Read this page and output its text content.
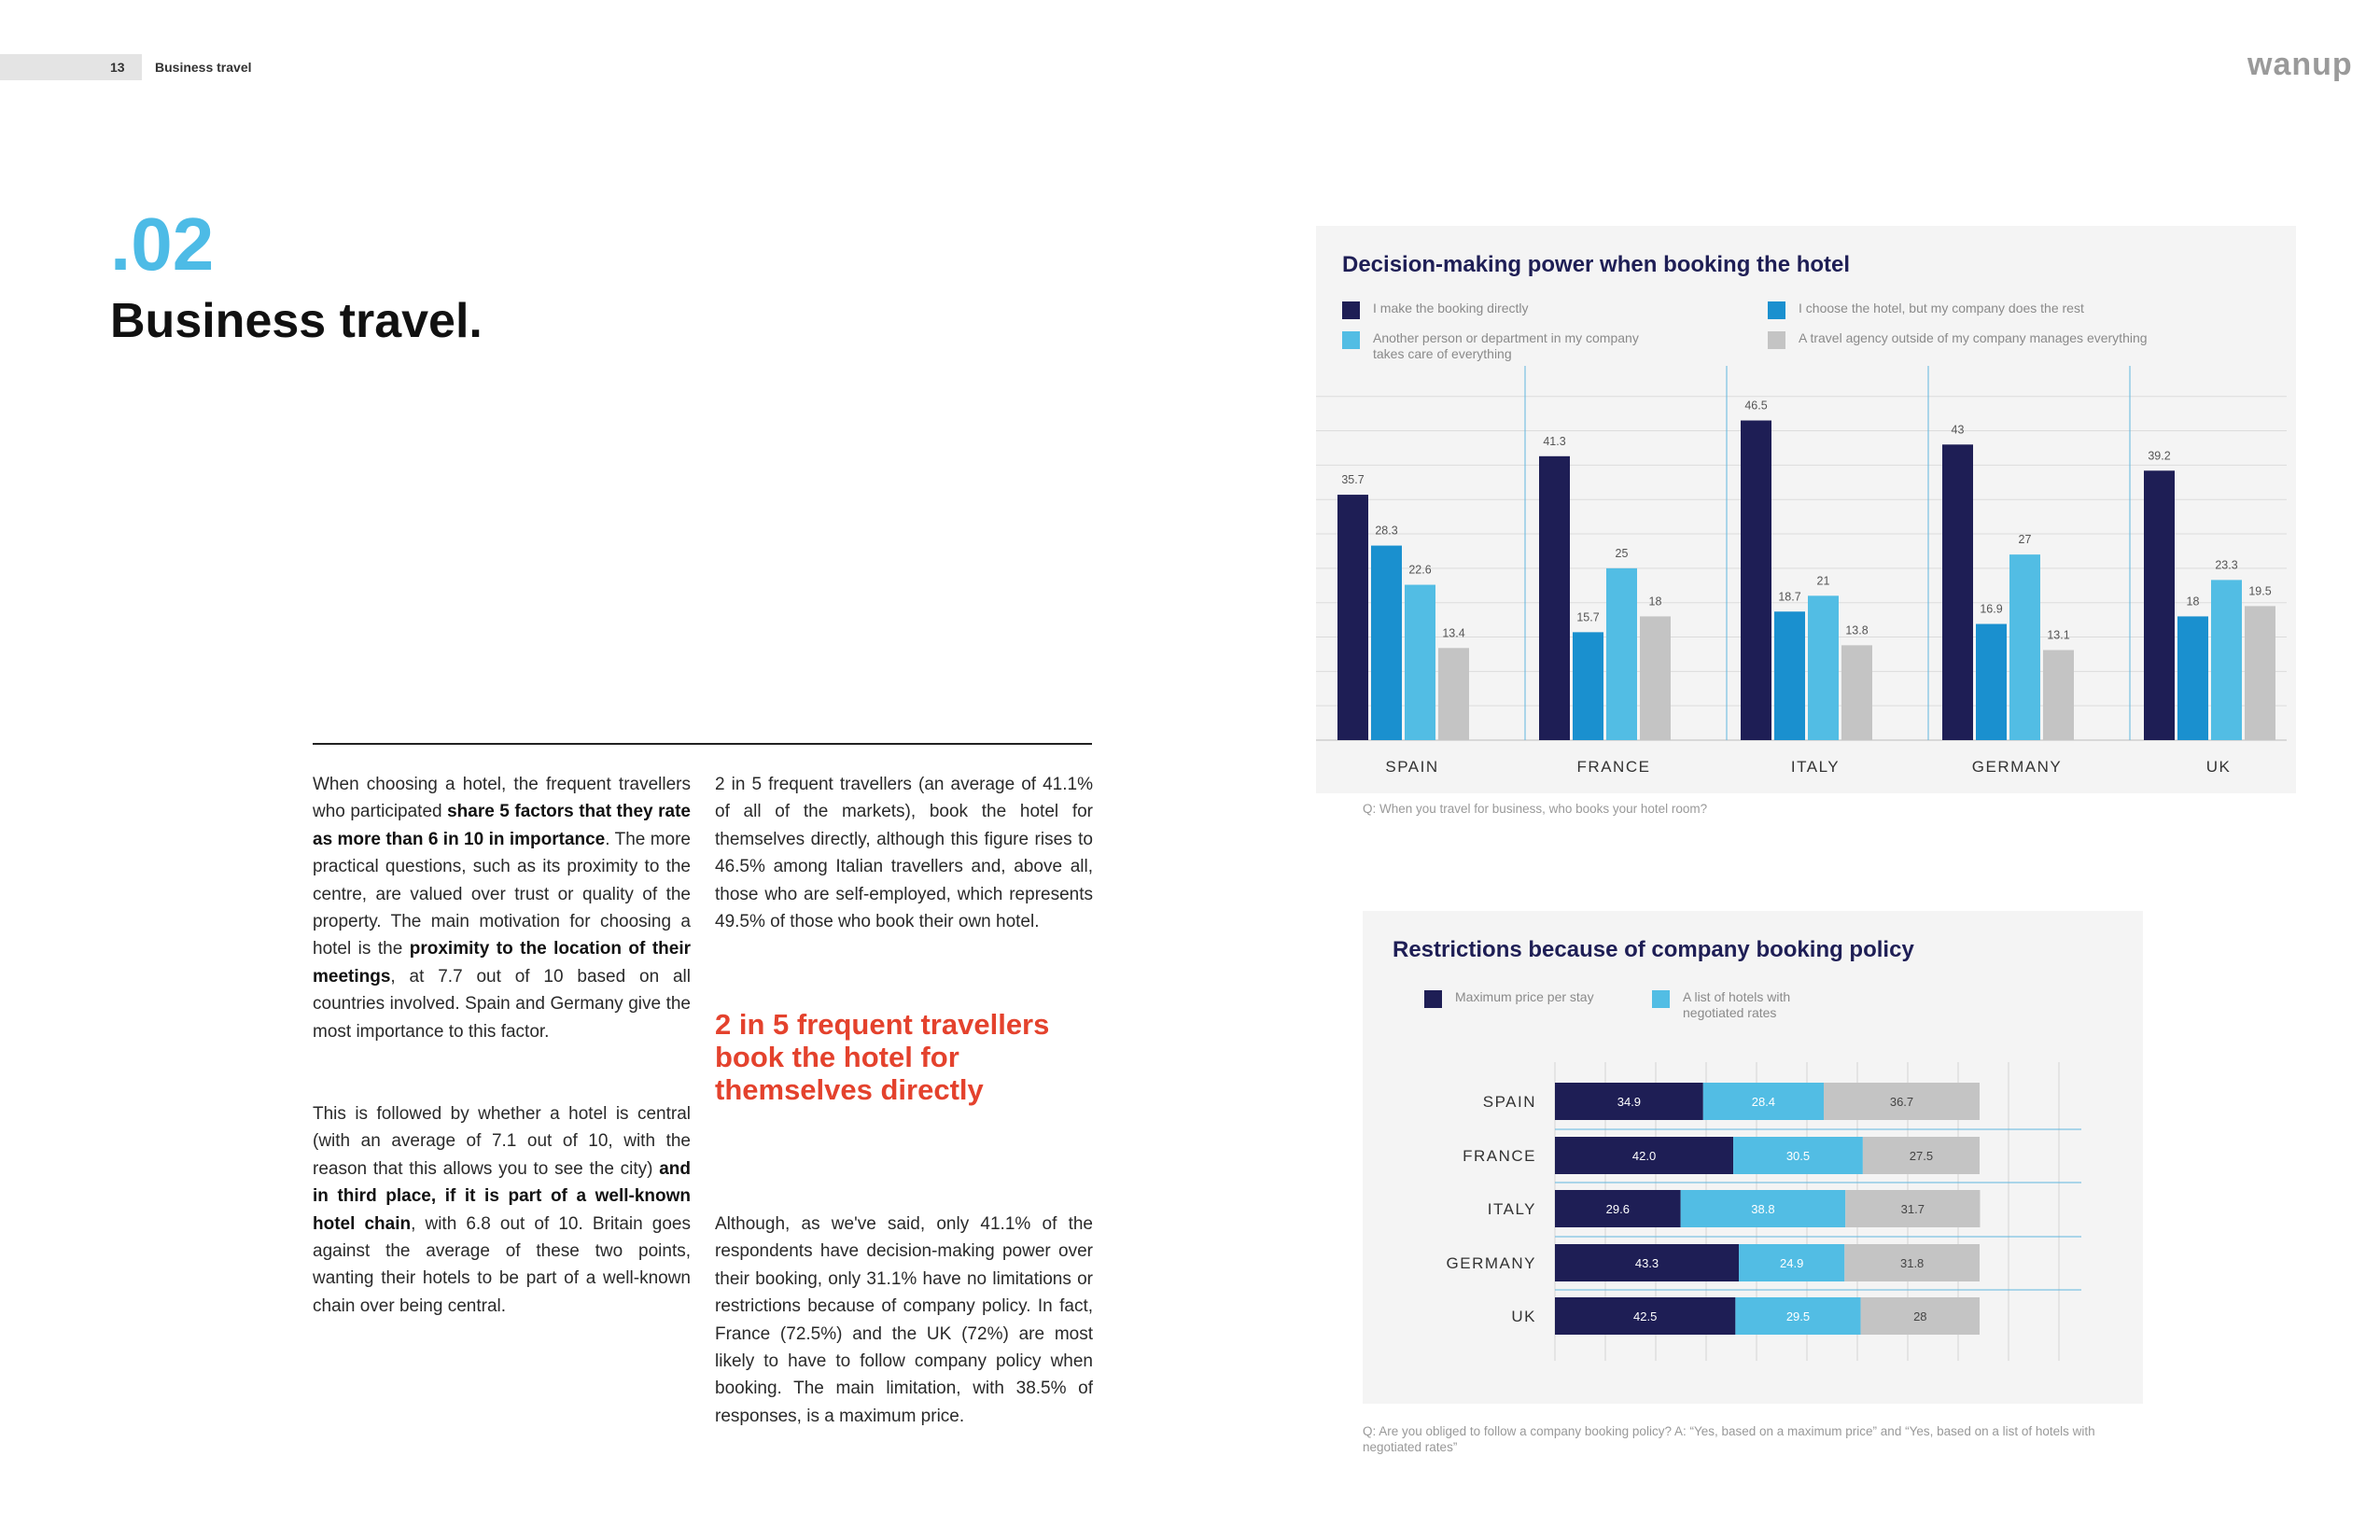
13 Business travel	wanup
.02
Business travel.

When choosing a hotel, the frequent travellers who participated share 5 factors that they rate as more than 6 in 10 in importance. The more practical questions, such as its proximity to the centre, are valued over trust or quality of the property. The main motivation for choosing a hotel is the proximity to the location of their meetings, at 7.7 out of 10 based on all countries involved. Spain and Germany give the most importance to this factor.

This is followed by whether a hotel is central (with an average of 7.1 out of 10, with the reason that this allows you to see the city) and in third place, if it is part of a well-known hotel chain, with 6.8 out of 10. Britain goes against the average of these two points, wanting their hotels to be part of a well-known chain over being central.

2 in 5 frequent travellers (an average of 41.1% of all of the markets), book the hotel for themselves directly, although this figure rises to 46.5% among Italian travellers and, above all, those who are self-employed, which represents 49.5% of those who book their own hotel.

2 in 5 frequent travellers book the hotel for themselves directly

Although, as we've said, only 41.1% of the respondents have decision-making power over their booking, only 31.1% have no limitations or restrictions because of company policy. In fact, France (72.5%) and the UK (72%) are most likely to have to follow company policy when booking. The main limitation, with 38.5% of responses, is a maximum price.

Decision-making power when booking the hotel
I make the booking directly	I choose the hotel, but my company does the rest
Another person or department in my company takes care of everything
A travel agency outside of my company manages everything
35.7
28.3
22.6
13.4
SPAIN
41.3
15.7
25
18
FRANCE
46.5
18.7
21
13.8
ITALY
43
16.9
27
13.1
GERMANY
39.2
18
23.3
19.5
UK
Q: When you travel for business, who books your hotel room?
Restrictions because of company booking policy
Maximum price per stay	A list of hotels with negotiated rates
34.9	28.4	36.7
SPAIN
42.0	30.5	27.5
FRANCE
29.6	38.8	31.7
ITALY
43.3	24.9	31.8
GERMANY
42.5	29.5	28
UK
Q: Are you obliged to follow a company booking policy? A: “Yes, based on a maximum price” and “Yes, based on a list of hotels with negotiated rates”
